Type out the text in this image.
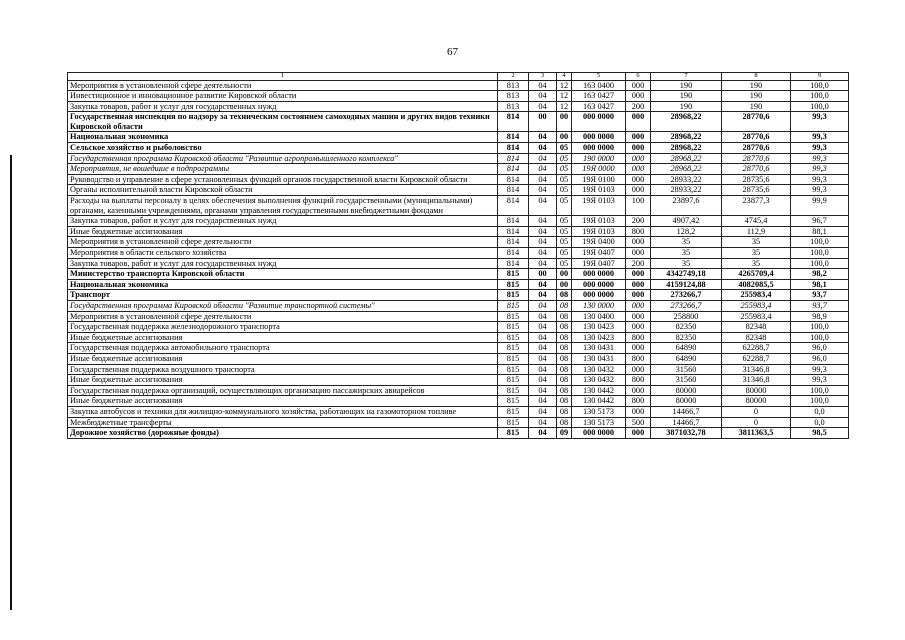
67
1	2	3	4	5	6	7	8	9
Мероприятия в установленной сфере деятельности	813	04	12	163 0400	000	190	190	100,0
Инвестиционное и инновационное развитие Кировской области	813	04	12	163 0427	000	190	190	100,0
Закупка товаров, работ и услуг для государственных нужд	813	04	12	163 0427	200	190	190	100,0
Государственная инспекция по надзору за техническим состоянием самоходных машин и других видов техники Кировской области	814	00	00	000 0000	000	28968,22	28770,6	99,3
Национальная экономика	814	04	00	000 0000	000	28968,22	28770,6	99,3
Сельское хозяйство и рыболовство	814	04	05	000 0000	000	28968,22	28770,6	99,3
Государственная программа Кировской области "Развитие агропромышленного комплекса"	814	04	05	190 0000	000	28968,22	28770,6	99,3
Мероприятия, не вошедшие в подпрограммы	814	04	05	19Я 0000	000	28968,22	28770,6	99,3
Руководство и управление в сфере установленных функций органов государственной власти Кировской области	814	04	05	19Я 0100	000	28933,22	28735,6	99,3
Органы исполнительной власти Кировской области	814	04	05	19Я 0103	000	28933,22	28735,6	99,3
Расходы на выплаты персоналу в целях обеспечения выполнения функций государственными (муниципальными) органами, казенными учреждениями, органами управления государственными внебюджетными фондами	814	04	05	19Я 0103	100	23897,6	23877,3	99,9
Закупка товаров, работ и услуг для государственных нужд	814	04	05	19Я 0103	200	4907,42	4745,4	96,7
Иные бюджетные ассигнования	814	04	05	19Я 0103	800	128,2	112,9	88,1
Мероприятия в установленной сфере деятельности	814	04	05	19Я 0400	000	35	35	100,0
Мероприятия в области сельского хозяйства	814	04	05	19Я 0407	000	35	35	100,0
Закупка товаров, работ и услуг для государственных нужд	814	04	05	19Я 0407	200	35	35	100,0
Министерство транспорта Кировской области	815	00	00	000 0000	000	4342749,18	4265709,4	98,2
Национальная экономика	815	04	00	000 0000	000	4159124,88	4082085,5	98,1
Транспорт	815	04	08	000 0000	000	273266,7	255983,4	93,7
Государственная программа Кировской области "Развитие транспортной системы"	815	04	08	130 0000	000	273266,7	255983,4	93,7
Мероприятия в установленной сфере деятельности	815	04	08	130 0400	000	258800	255983,4	98,9
Государственная поддержка железнодорожного транспорта	815	04	08	130 0423	000	82350	82348	100,0
Иные бюджетные ассигнования	815	04	08	130 0423	800	82350	82348	100,0
Государственная поддержка автомобильного транспорта	815	04	08	130 0431	000	64890	62288,7	96,0
Иные бюджетные ассигнования	815	04	08	130 0431	800	64890	62288,7	96,0
Государственная поддержка воздушного транспорта	815	04	08	130 0432	000	31560	31346,8	99,3
Иные бюджетные ассигнования	815	04	08	130 0432	800	31560	31346,8	99,3
Государственная поддержка организаций, осуществляющих организацию пассажирских авиарейсов	815	04	08	130 0442	000	80000	80000	100,0
Иные бюджетные ассигнования	815	04	08	130 0442	800	80000	80000	100,0
Закупка автобусов и техники для жилищно-коммунального хозяйства, работающих на газомоторном топливе	815	04	08	130 5173	000	14466,7	0	0,0
Межбюджетные трансферты	815	04	08	130 5173	500	14466,7	0	0,0
Дорожное хозяйство (дорожные фонды)	815	04	09	000 0000	000	3871032,78	3811363,5	98,5
